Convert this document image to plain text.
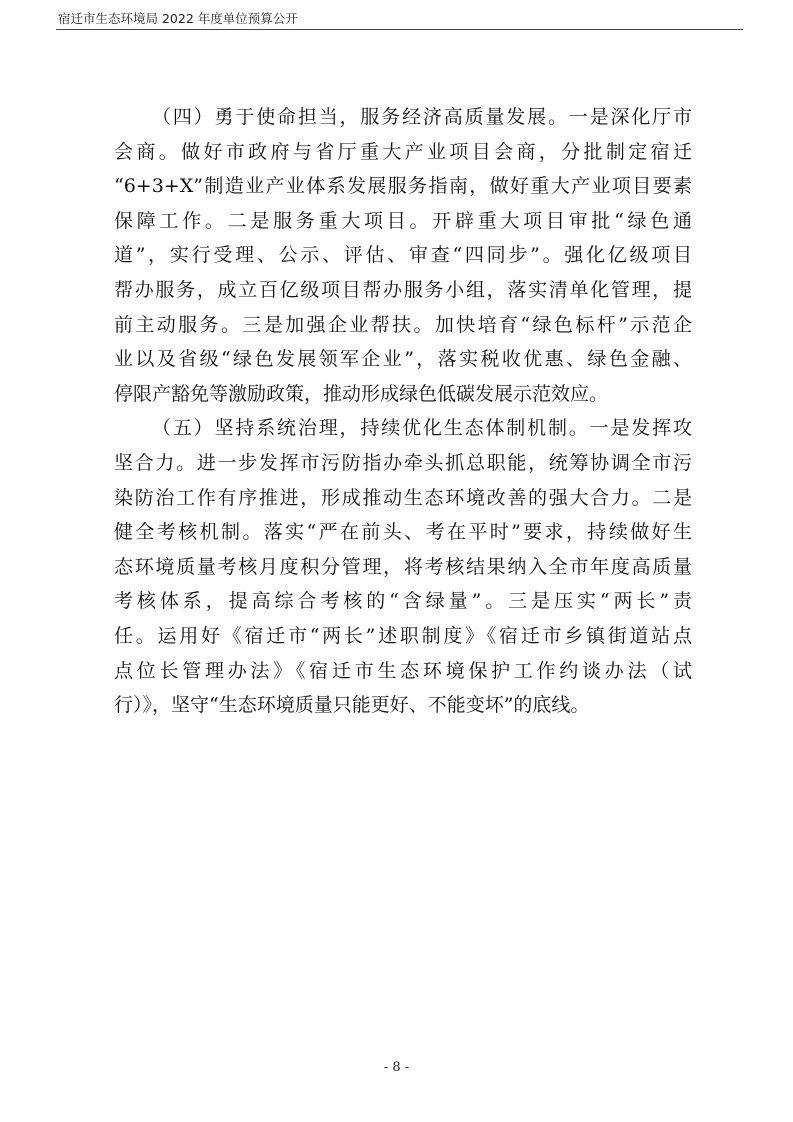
宿迁市生态环境局 2022 年度单位预算公开
（四）勇于使命担当，服务经济高质量发展。一是深化厅市
会商。做好市政府与省厅重大产业项目会商，分批制定宿迁
“6+3+X”制造业产业体系发展服务指南，做好重大产业项目要素
保障工作。二是服务重大项目。开辟重大项目审批“绿色通
道”，实行受理、公示、评估、审查“四同步”。强化亿级项目
帮办服务，成立百亿级项目帮办服务小组，落实清单化管理，提
前主动服务。三是加强企业帮扶。加快培育“绿色标杆”示范企
业以及省级“绿色发展领军企业”，落实税收优惠、绿色金融、
停限产豁免等激励政策，推动形成绿色低碳发展示范效应。
（五）坚持系统治理，持续优化生态体制机制。一是发挥攻
坚合力。进一步发挥市污防指办牵头抓总职能，统筹协调全市污
染防治工作有序推进，形成推动生态环境改善的强大合力。二是
健全考核机制。落实“严在前头、考在平时”要求，持续做好生
态环境质量考核月度积分管理，将考核结果纳入全市年度高质量
考核体系，提高综合考核的“含绿量”。三是压实“两长”责
任。运用好《宿迁市“两长”述职制度》《宿迁市乡镇街道站点
点位长管理办法》《宿迁市生态环境保护工作约谈办法（试
行）》，坚守“生态环境质量只能更好、不能变坏”的底线。
- 8 -
